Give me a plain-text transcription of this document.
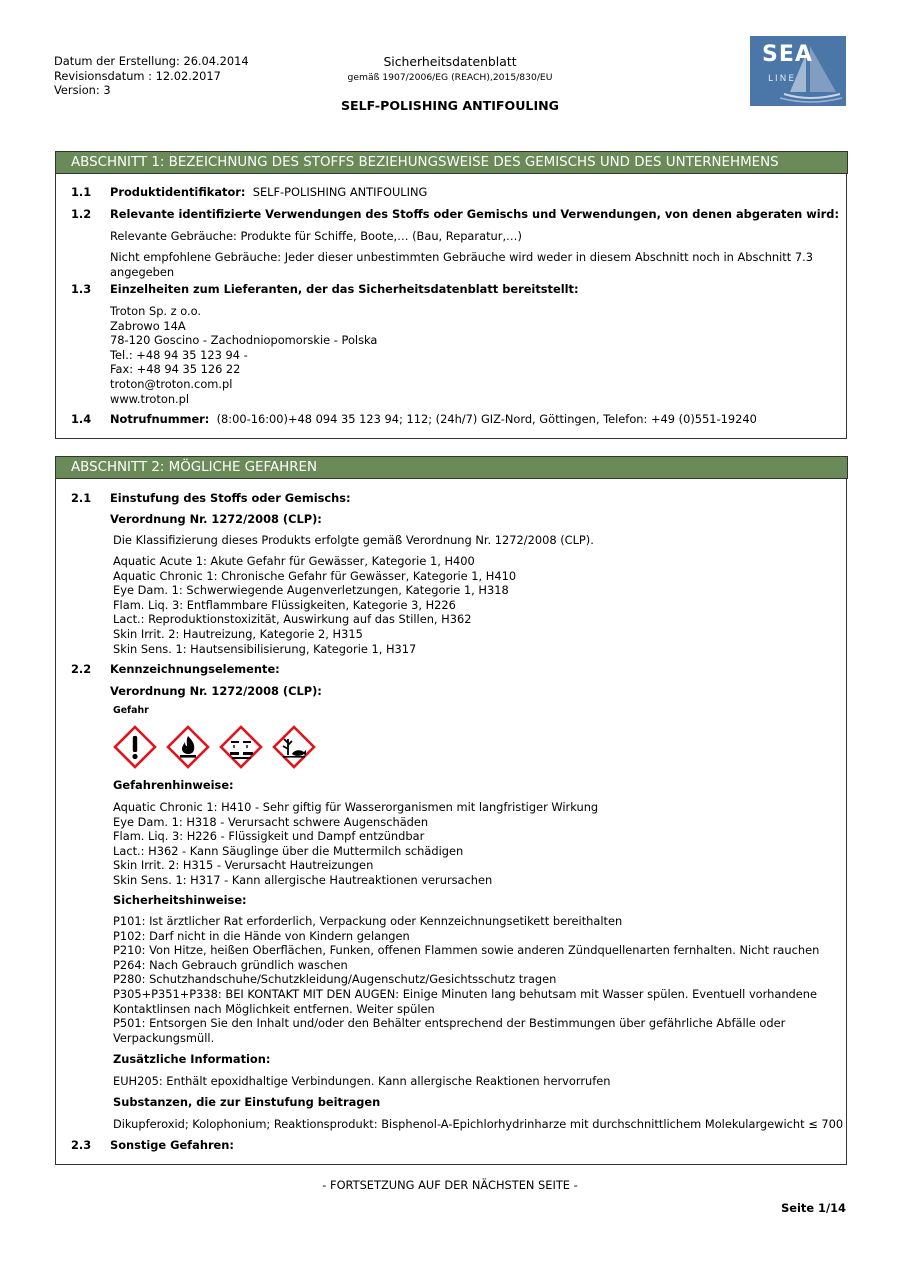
Datum der Erstellung: 26.04.2014
Revisionsdatum : 12.02.2017
Version: 3
Sicherheitsdatenblatt
gemäß 1907/2006/EG (REACH),2015/830/EU
SELF-POLISHING ANTIFOULING
SEA
LINE
ABSCHNITT 1: BEZEICHNUNG DES STOFFS BEZIEHUNGSWEISE DES GEMISCHS UND DES UNTERNEHMENS
1.1 Produktidentifikator: SELF-POLISHING ANTIFOULING
1.2 Relevante identifizierte Verwendungen des Stoffs oder Gemischs und Verwendungen, von denen abgeraten wird:
Relevante Gebräuche: Produkte für Schiffe, Boote,… (Bau, Reparatur,…)
Nicht empfohlene Gebräuche: Jeder dieser unbestimmten Gebräuche wird weder in diesem Abschnitt noch in Abschnitt 7.3
angegeben
1.3 Einzelheiten zum Lieferanten, der das Sicherheitsdatenblatt bereitstellt:
Troton Sp. z o.o.
Zabrowo 14A
78-120 Goscino - Zachodniopomorskie - Polska
Tel.: +48 94 35 123 94 -
Fax: +48 94 35 126 22
troton@troton.com.pl
www.troton.pl
1.4 Notrufnummer: (8:00-16:00)+48 094 35 123 94; 112; (24h/7) GIZ-Nord, Göttingen, Telefon: +49 (0)551-19240
ABSCHNITT 2: MÖGLICHE GEFAHREN
2.1 Einstufung des Stoffs oder Gemischs:
Verordnung Nr. 1272/2008 (CLP):
Die Klassifizierung dieses Produkts erfolgte gemäß Verordnung Nr. 1272/2008 (CLP).
Aquatic Acute 1: Akute Gefahr für Gewässer, Kategorie 1, H400
Aquatic Chronic 1: Chronische Gefahr für Gewässer, Kategorie 1, H410
Eye Dam. 1: Schwerwiegende Augenverletzungen, Kategorie 1, H318
Flam. Liq. 3: Entflammbare Flüssigkeiten, Kategorie 3, H226
Lact.: Reproduktionstoxizität, Auswirkung auf das Stillen, H362
Skin Irrit. 2: Hautreizung, Kategorie 2, H315
Skin Sens. 1: Hautsensibilisierung, Kategorie 1, H317
2.2 Kennzeichnungselemente:
Verordnung Nr. 1272/2008 (CLP):
Gefahr
Gefahrenhinweise:
Aquatic Chronic 1: H410 - Sehr giftig für Wasserorganismen mit langfristiger Wirkung
Eye Dam. 1: H318 - Verursacht schwere Augenschäden
Flam. Liq. 3: H226 - Flüssigkeit und Dampf entzündbar
Lact.: H362 - Kann Säuglinge über die Muttermilch schädigen
Skin Irrit. 2: H315 - Verursacht Hautreizungen
Skin Sens. 1: H317 - Kann allergische Hautreaktionen verursachen
Sicherheitshinweise:
P101: Ist ärztlicher Rat erforderlich, Verpackung oder Kennzeichnungsetikett bereithalten
P102: Darf nicht in die Hände von Kindern gelangen
P210: Von Hitze, heißen Oberflächen, Funken, offenen Flammen sowie anderen Zündquellenarten fernhalten. Nicht rauchen
P264: Nach Gebrauch gründlich waschen
P280: Schutzhandschuhe/Schutzkleidung/Augenschutz/Gesichtsschutz tragen
P305+P351+P338: BEI KONTAKT MIT DEN AUGEN: Einige Minuten lang behutsam mit Wasser spülen. Eventuell vorhandene
Kontaktlinsen nach Möglichkeit entfernen. Weiter spülen
P501: Entsorgen Sie den Inhalt und/oder den Behälter entsprechend der Bestimmungen über gefährliche Abfälle oder
Verpackungsmüll.
Zusätzliche Information:
EUH205: Enthält epoxidhaltige Verbindungen. Kann allergische Reaktionen hervorrufen
Substanzen, die zur Einstufung beitragen
Dikupferoxid; Kolophonium; Reaktionsprodukt: Bisphenol-A-Epichlorhydrinharze mit durchschnittlichem Molekulargewicht ≤ 700
2.3 Sonstige Gefahren:
- FORTSETZUNG AUF DER NÄCHSTEN SEITE -
Seite 1/14
